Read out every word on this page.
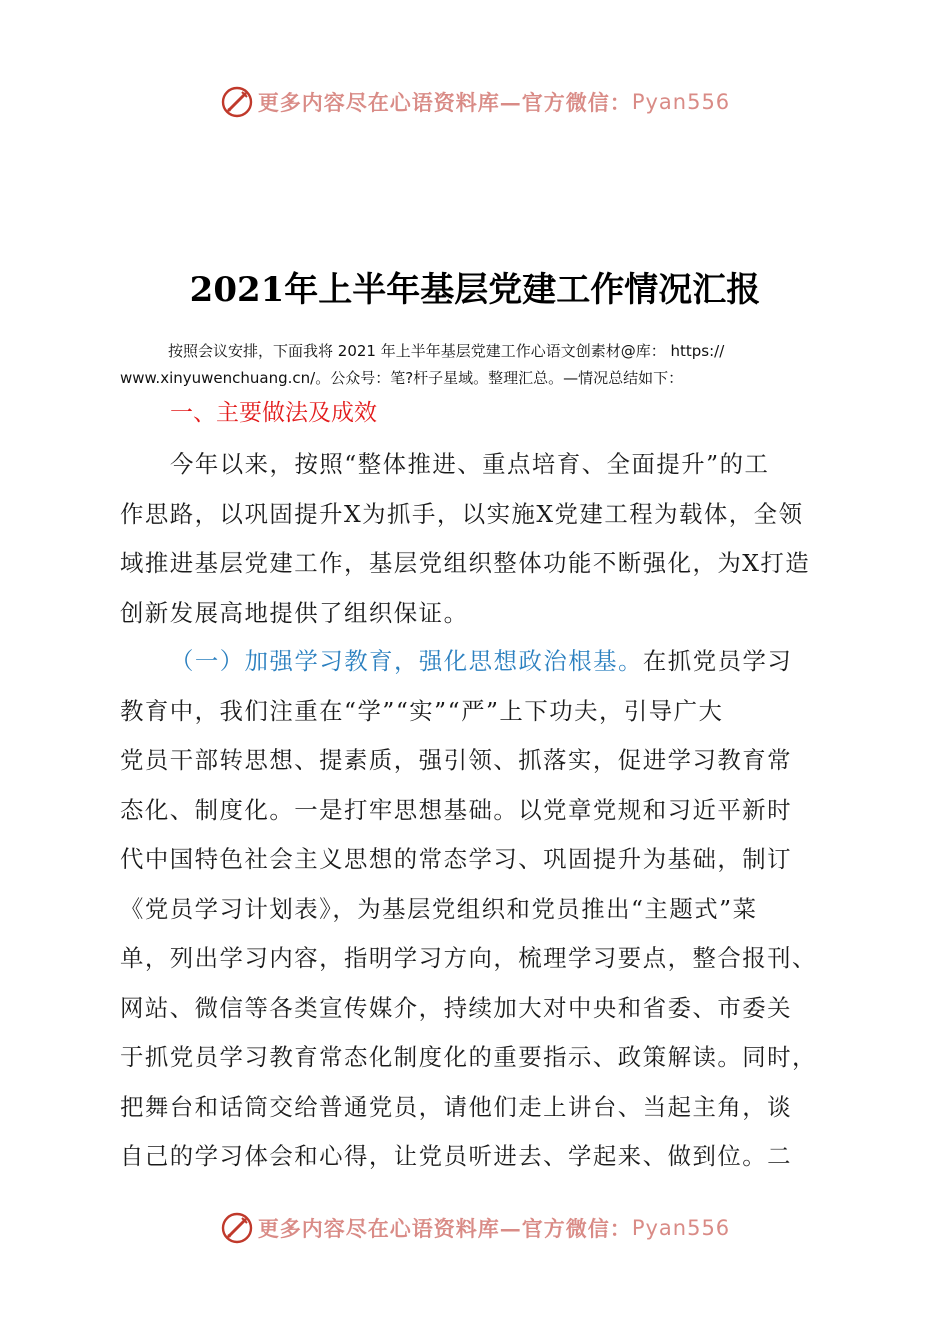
更多内容尽在心语资料库—官方微信： Pyan556
2021年上半年基层党建工作情况汇报
按照会议安排，下面我将 2021 年上半年基层党建工作心语文创素材@库： https://
www.xinyuwenchuang.cn/。公众号：笔?杆子星域。整理汇总。—情况总结如下：
一、主要做法及成效
今年以来，按照“整体推进、重点培育、全面提升”的工
作思路，以巩固提升X为抓手，以实施X党建工程为载体，全领
域推进基层党建工作，基层党组织整体功能不断强化，为X打造
创新发展高地提供了组织保证。
（一）加强学习教育，强化思想政治根基。在抓党员学习
教育中，我们注重在“学”“实”“严”上下功夫，引导广大
党员干部转思想、提素质，强引领、抓落实，促进学习教育常
态化、制度化。一是打牢思想基础。以党章党规和习近平新时
代中国特色社会主义思想的常态学习、巩固提升为基础，制订
《党员学习计划表》，为基层党组织和党员推出“主题式”菜
单，列出学习内容，指明学习方向，梳理学习要点，整合报刊、
网站、微信等各类宣传媒介，持续加大对中央和省委、市委关
于抓党员学习教育常态化制度化的重要指示、政策解读。同时，
把舞台和话筒交给普通党员，请他们走上讲台、当起主角，谈
自己的学习体会和心得，让党员听进去、学起来、做到位。二
更多内容尽在心语资料库—官方微信： Pyan556
